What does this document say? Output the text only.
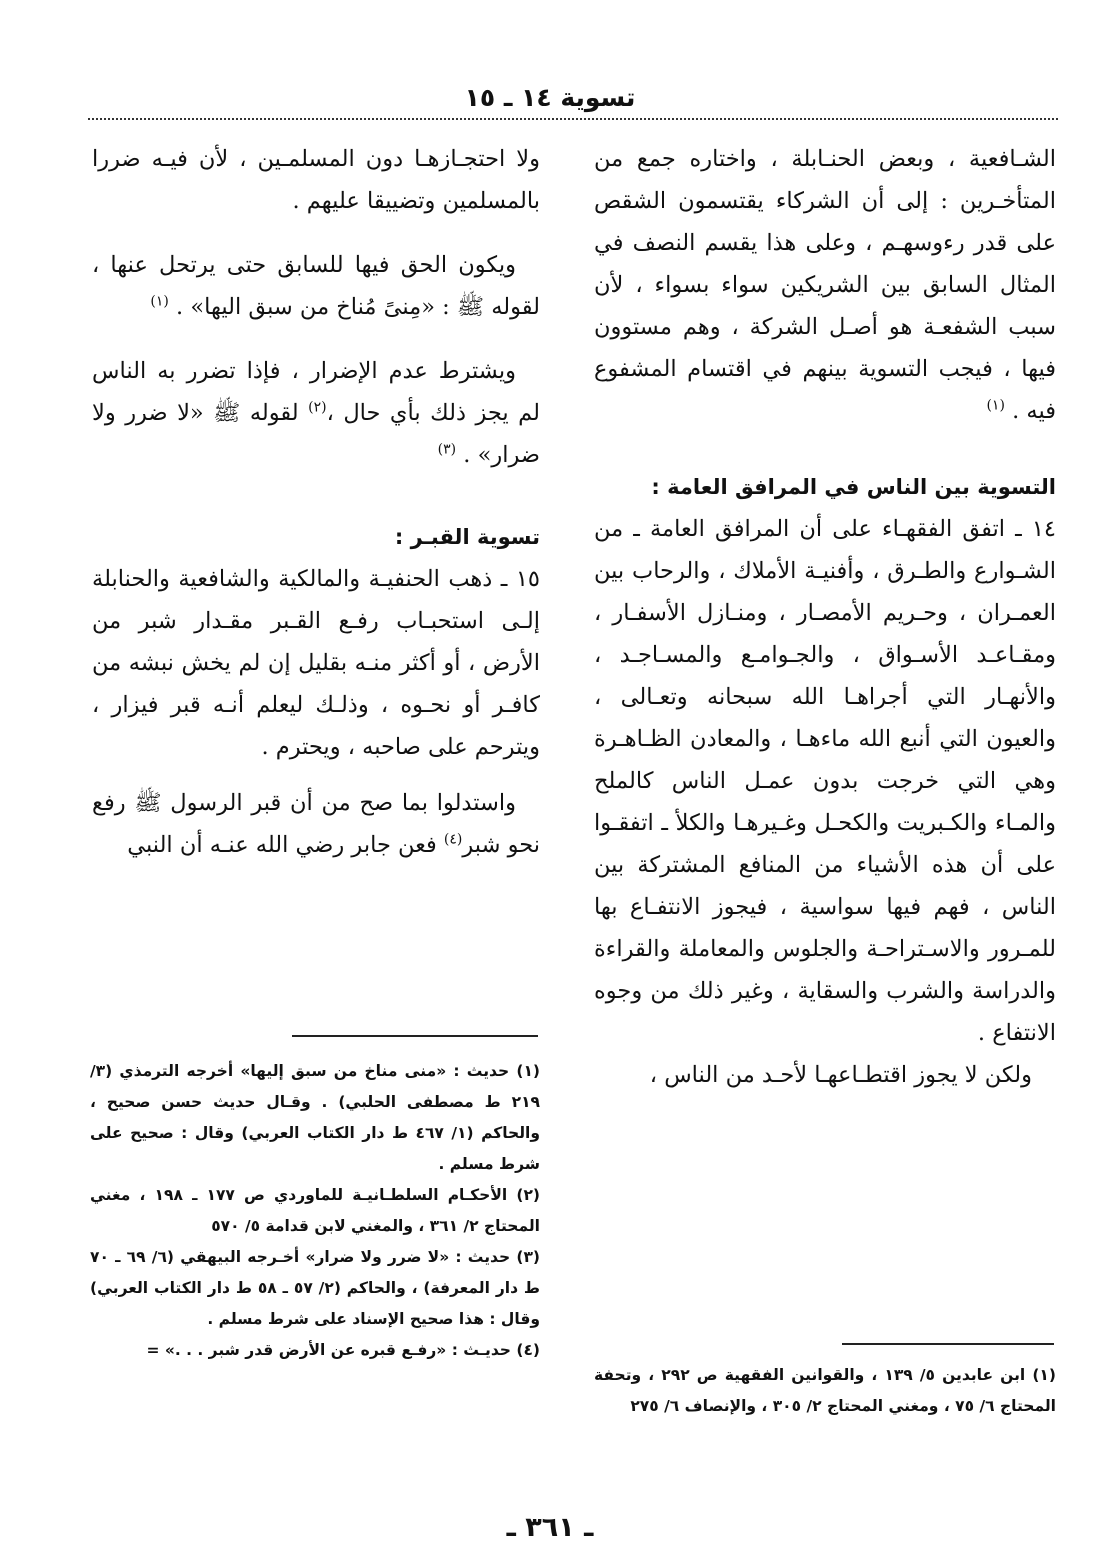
تسوية ١٤ ـ ١٥

الشـافعية ، وبعض الحنـابلة ، واختاره جمع من المتأخـرين : إلى أن الشركاء يقتسمون الشقص على قدر رءوسهـم ، وعلى هذا يقسم النصف في المثال السابق بين الشريكين سواء بسواء ، لأن سبب الشفعـة هو أصـل الشركة ، وهم مستوون فيها ، فيجب التسوية بينهم في اقتسام المشفوع فيه . $^{(١)}$

التسوية بين الناس في المرافق العامة :

١٤ ـ اتفق الفقهـاء على أن المرافق العامة ـ من الشـوارع والطـرق ، وأفنيـة الأملاك ، والرحاب بين العمـران ، وحـريم الأمصـار ، ومنـازل الأسفـار ، ومقـاعـد الأسـواق ، والجـوامـع والمسـاجـد ، والأنهـار التي أجراهـا الله سبحانه وتعـالى ، والعيون التي أنبع الله ماءهـا ، والمعادن الظـاهـرة وهي التي خرجت بدون عمـل الناس كالملح والمـاء والكـبريت والكحـل وغـيرهـا والكلأ ـ اتفقـوا على أن هذه الأشياء من المنافع المشتركة بين الناس ، فهم فيها سواسية ، فيجوز الانتفـاع بها للمـرور والاسـتراحـة والجلوس والمعاملة والقراءة والدراسة والشرب والسقاية ، وغير ذلك من وجوه الانتفاع .

ولكن لا يجوز اقتطـاعهـا لأحـد من الناس ،

ولا احتجـازهـا دون المسلمـين ، لأن فيـه ضررا بالمسلمين وتضييقا عليهم .

ويكون الحق فيها للسابق حتى يرتحل عنها ، لقوله ﷺ : «مِنىً مُناخ من سبق اليها» . $^{(١)}$

ويشترط عدم الإضرار ، فإذا تضرر به الناس لم يجز ذلك بأي حال ،$^{(٢)}$ لقوله ﷺ «لا ضرر ولا ضرار» . $^{(٣)}$

تسوية القبـر :

١٥ ـ ذهب الحنفيـة والمالكية والشافعية والحنابلة إلـى استحبـاب رفـع القـبر مقـدار شبر من الأرض ، أو أكثر منـه بقليل إن لم يخش نبشه من كافـر أو نحـوه ، وذلـك ليعلم أنـه قبر فيزار ، ويترحم على صاحبه ، ويحترم .

واستدلوا بما صح من أن قبر الرسول ﷺ رفع نحو شبر$^{(٤)}$ فعن جابر رضي الله عنـه أن النبي

(١) حديث : «منى مناخ من سبق إليها» أخرجه الترمذي (٣/ ٢١٩ ط مصطفى الحلبي) . وقـال حديث حسن صحيح ، والحاكم (١/ ٤٦٧ ط دار الكتاب العربي) وقال : صحيح على شرط مسلم .

(٢) الأحكـام السلطـانيـة للماوردي ص ١٧٧ ـ ١٩٨ ، مغني المحتاج ٢/ ٣٦١ ، والمغني لابن قدامة ٥/ ٥٧٠

(٣) حديث : «لا ضرر ولا ضرار» أخـرجه البيهقي (٦/ ٦٩ ـ ٧٠ ط دار المعرفة) ، والحاكم (٢/ ٥٧ ـ ٥٨ ط دار الكتاب العربي) وقال : هذا صحيح الإسناد على شرط مسلم .

(٤) حديـث : «رفـع قبره عن الأرض قدر شبر . . .» =

(١) ابن عابدين ٥/ ١٣٩ ، والقوانين الفقهية ص ٢٩٢ ، وتحفة المحتاج ٦/ ٧٥ ، ومغني المحتاج ٢/ ٣٠٥ ، والإنصاف ٦/ ٢٧٥

ـ ٣٦١ ـ
